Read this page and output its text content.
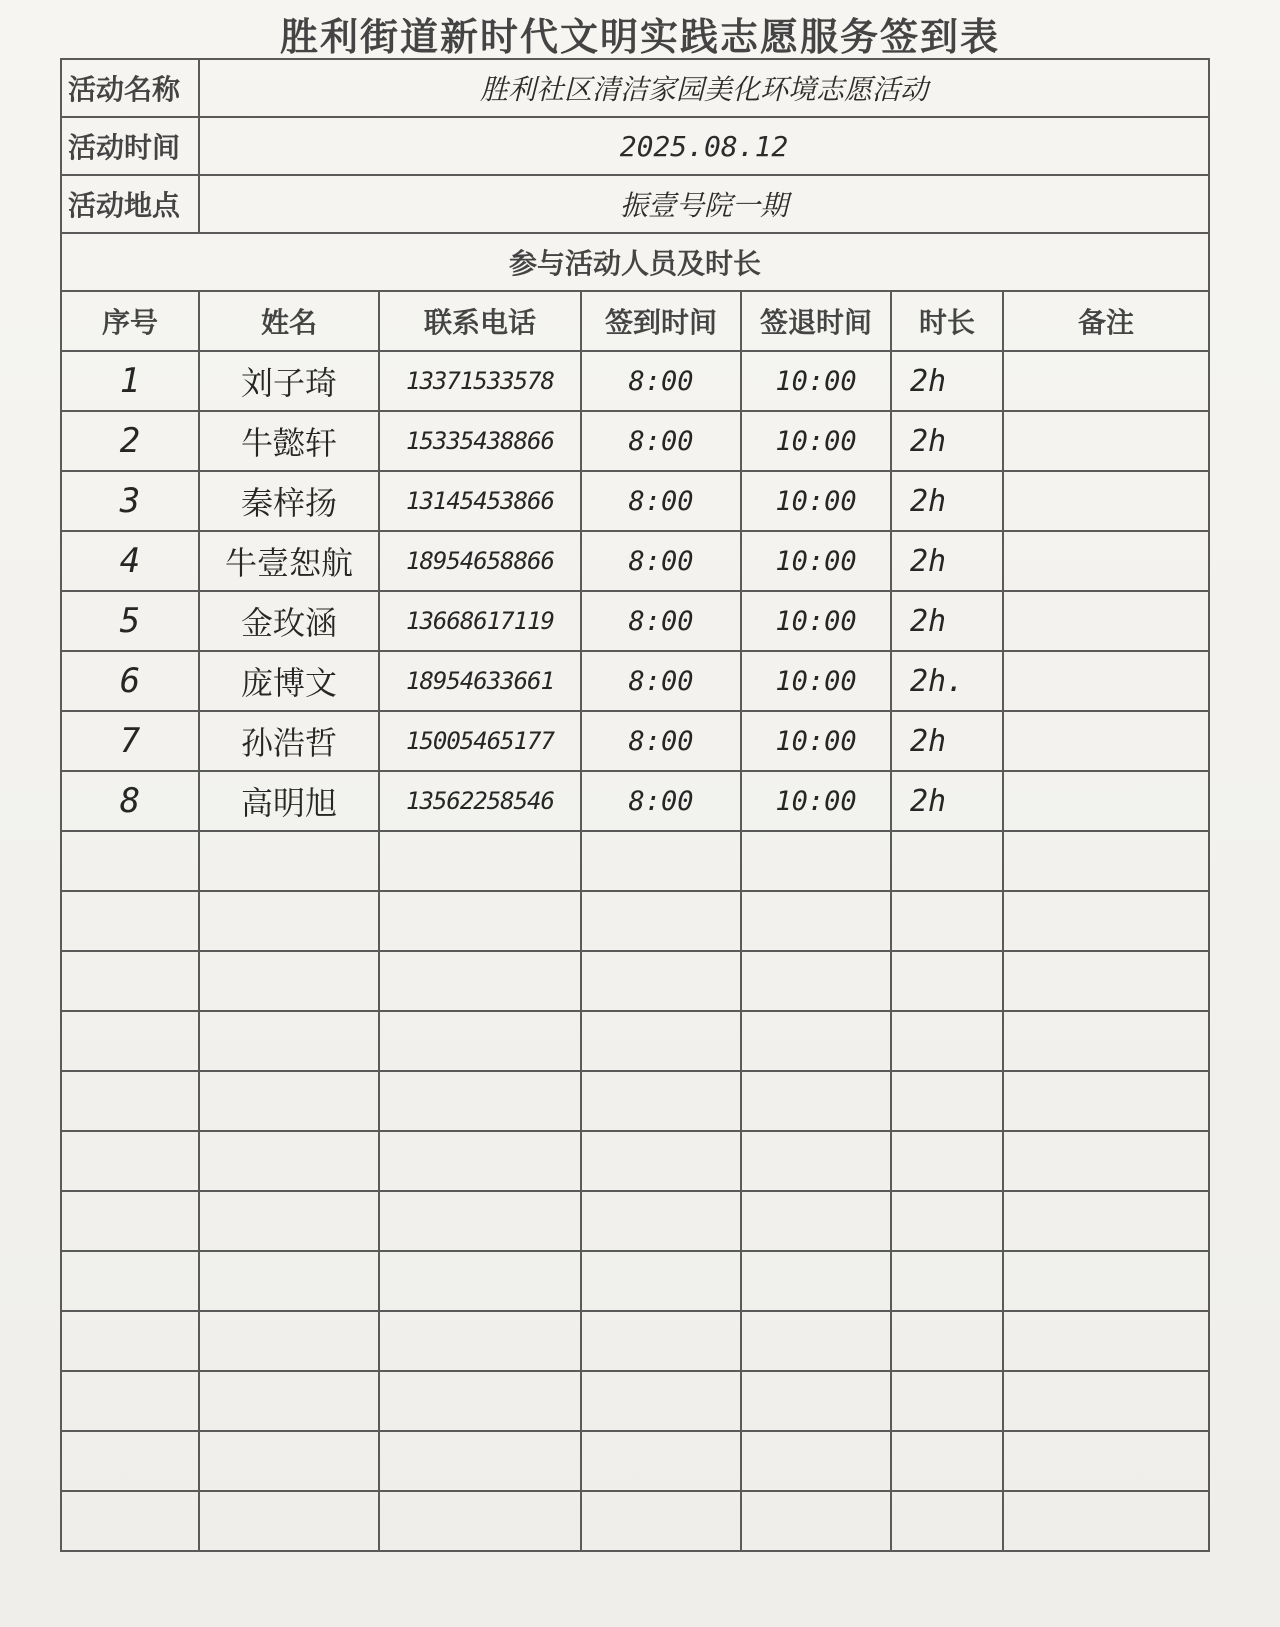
胜利街道新时代文明实践志愿服务签到表
活动名称	胜利社区清洁家园美化环境志愿活动					
活动时间	2025.08.12					
活动地点	振壹号院一期					
参与活动人员及时长						
序号	姓名	联系电话	签到时间	签退时间	时长	备注
1	刘子琦	13371533578	8:00	10:00	2h	
2	牛懿轩	15335438866	8:00	10:00	2h	
3	秦梓扬	13145453866	8:00	10:00	2h	
4	牛壹恕航	18954658866	8:00	10:00	2h	
5	金玫涵	13668617119	8:00	10:00	2h	
6	庞博文	18954633661	8:00	10:00	2h.	
7	孙浩哲	15005465177	8:00	10:00	2h	
8	高明旭	13562258546	8:00	10:00	2h	
